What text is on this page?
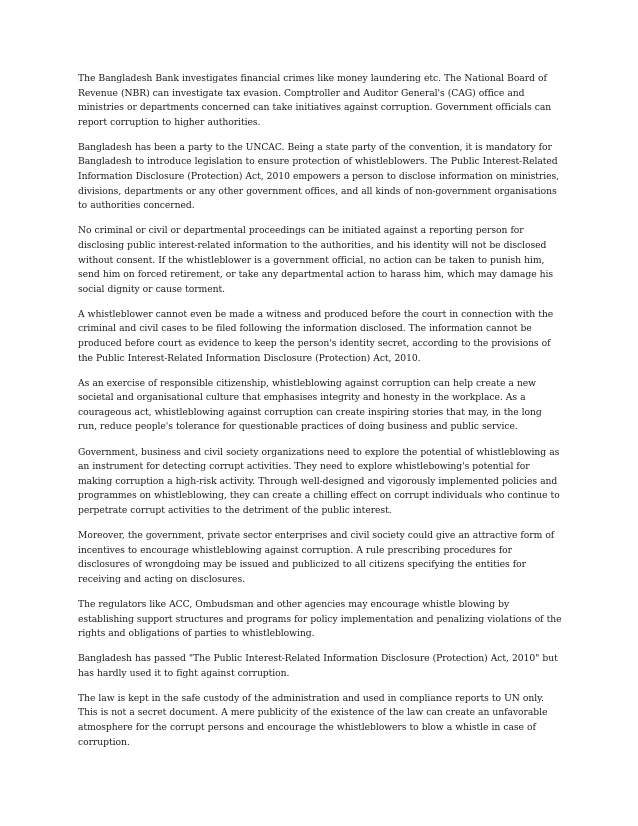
The Bangladesh Bank investigates financial crimes like money laundering etc. The National Board of Revenue (NBR) can investigate tax evasion. Comptroller and Auditor General's (CAG) office and ministries or departments concerned can take initiatives against corruption. Government officials can report corruption to higher authorities.

Bangladesh has been a party to the UNCAC. Being a state party of the convention, it is mandatory for Bangladesh to introduce legislation to ensure protection of whistleblowers. The Public Interest-Related Information Disclosure (Protection) Act, 2010 empowers a person to disclose information on ministries, divisions, departments or any other government offices, and all kinds of non-government organisations to authorities concerned.

No criminal or civil or departmental proceedings can be initiated against a reporting person for disclosing public interest-related information to the authorities, and his identity will not be disclosed without consent. If the whistleblower is a government official, no action can be taken to punish him, send him on forced retirement, or take any departmental action to harass him, which may damage his social dignity or cause torment.

A whistleblower cannot even be made a witness and produced before the court in connection with the criminal and civil cases to be filed following the information disclosed. The information cannot be produced before court as evidence to keep the person's identity secret, according to the provisions of the Public Interest-Related Information Disclosure (Protection) Act, 2010.

As an exercise of responsible citizenship, whistleblowing against corruption can help create a new societal and organisational culture that emphasises integrity and honesty in the workplace. As a courageous act, whistleblowing against corruption can create inspiring stories that may, in the long run, reduce people's tolerance for questionable practices of doing business and public service.

Government, business and civil society organizations need to explore the potential of whistleblowing as an instrument for detecting corrupt activities. They need to explore whistlebowing's potential for making corruption a high-risk activity. Through well-designed and vigorously implemented policies and programmes on whistleblowing, they can create a chilling effect on corrupt individuals who continue to perpetrate corrupt activities to the detriment of the public interest.

Moreover, the government, private sector enterprises and civil society could give an attractive form of incentives to encourage whistleblowing against corruption. A rule prescribing procedures for disclosures of wrongdoing may be issued and publicized to all citizens specifying the entities for receiving and acting on disclosures.

The regulators like ACC, Ombudsman and other agencies may encourage whistle blowing by establishing support structures and programs for policy implementation and penalizing violations of the rights and obligations of parties to whistleblowing.

Bangladesh has passed "The Public Interest-Related Information Disclosure (Protection) Act, 2010" but has hardly used it to fight against corruption.

The law is kept in the safe custody of the administration and used in compliance reports to UN only. This is not a secret document. A mere publicity of the existence of the law can create an unfavorable atmosphere for the corrupt persons and encourage the whistleblowers to blow a whistle in case of corruption.
